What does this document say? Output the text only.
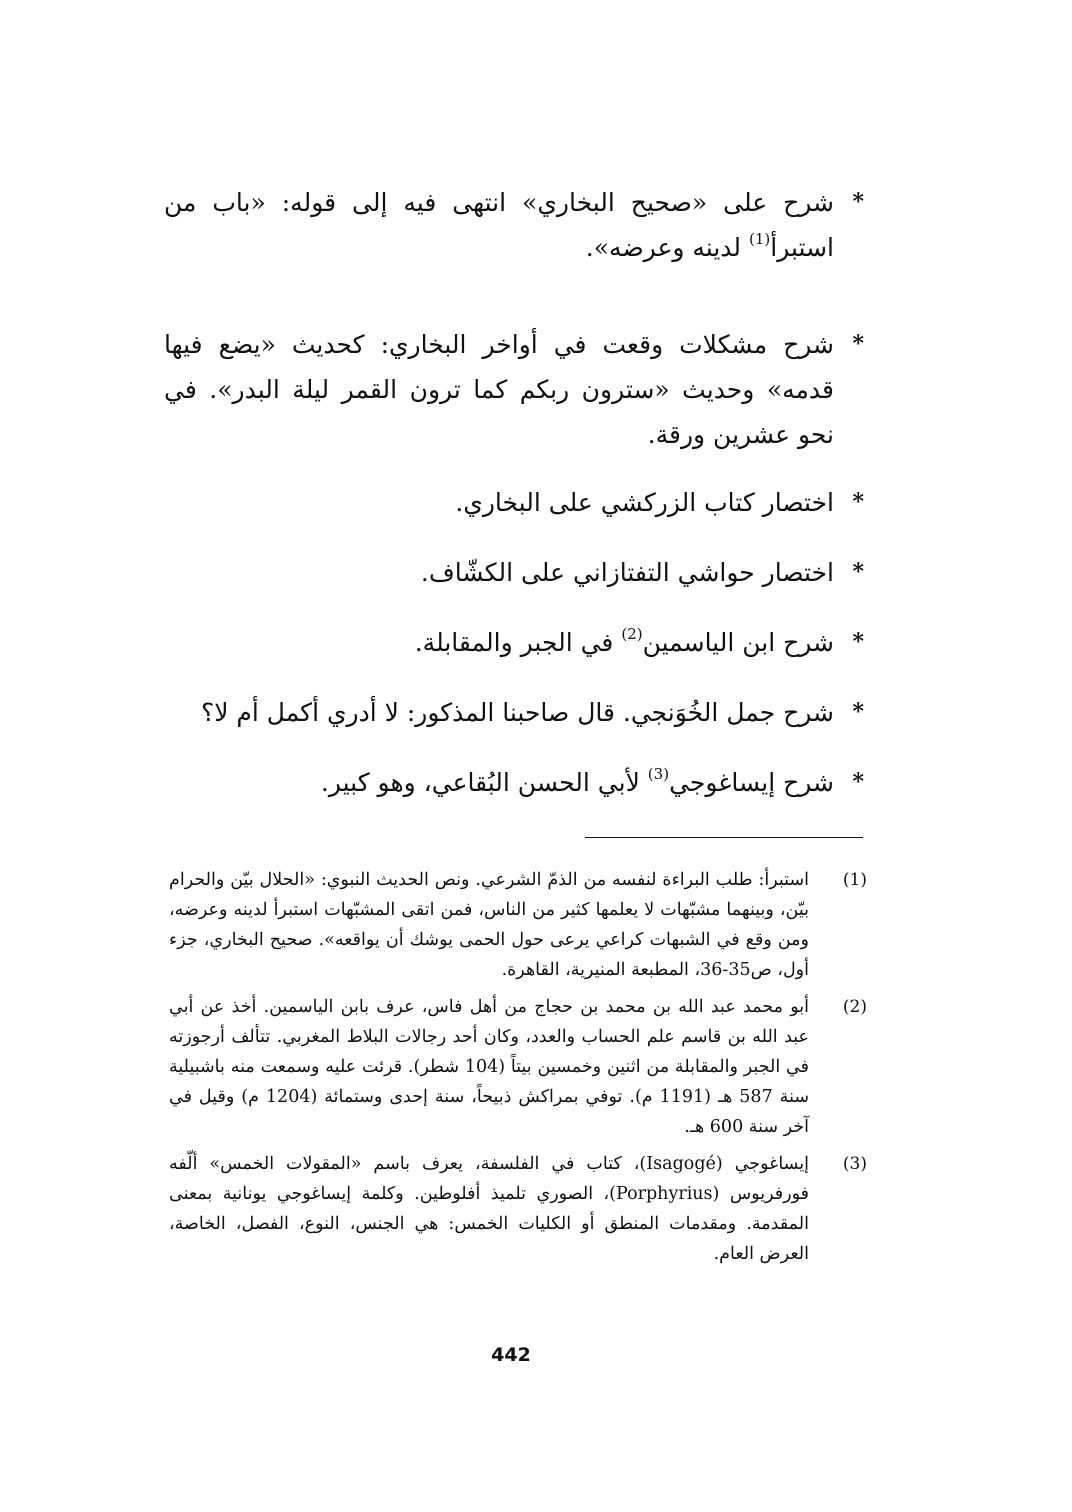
*
شرح على «صحيح البخاري» انتهى فيه إلى قوله: «باب من استبرأ$^{(1)}$ لدينه وعرضه».
*
شرح مشكلات وقعت في أواخر البخاري: كحديث «يضع فيها قدمه» وحديث «سترون ربكم كما ترون القمر ليلة البدر». في نحو عشرين ورقة.
*
اختصار كتاب الزركشي على البخاري.
*
اختصار حواشي التفتازاني على الكشّاف.
*
شرح ابن الياسمين$^{(2)}$ في الجبر والمقابلة.
*
شرح جمل الخُوَنجي. قال صاحبنا المذكور: لا أدري أكمل أم لا؟
*
شرح إيساغوجي$^{(3)}$ لأبي الحسن البُقاعي، وهو كبير.
(1)
استبرأ: طلب البراءة لنفسه من الذمّ الشرعي. ونص الحديث النبوي: «الحلال بيّن والحرام بيّن، وبينهما مشبّهات لا يعلمها كثير من الناس، فمن اتقى المشبّهات استبرأ لدينه وعرضه، ومن وقع في الشبهات كراعي يرعى حول الحمى يوشك أن يواقعه». صحيح البخاري، جزء أول، ص35-36، المطبعة المنيرية، القاهرة.
(2)
أبو محمد عبد الله بن محمد بن حجاج من أهل فاس، عرف بابن الياسمين. أخذ عن أبي عبد الله بن قاسم علم الحساب والعدد، وكان أحد رجالات البلاط المغربي. تتألف أرجوزته في الجبر والمقابلة من اثنين وخمسين بيتاً (104 شطر). قرئت عليه وسمعت منه باشبيلية سنة 587 هـ (1191 م). توفي بمراكش ذبيحاً، سنة إحدى وستمائة (1204 م) وقيل في آخر سنة 600 هـ.
(3)
إيساغوجي (Isagogé)، كتاب في الفلسفة، يعرف باسم «المقولات الخمس» ألّفه فورفريوس (Porphyrius)، الصوري تلميذ أفلوطين. وكلمة إيساغوجي يونانية بمعنى المقدمة. ومقدمات المنطق أو الكليات الخمس: هي الجنس، النوع، الفصل، الخاصة، العرض العام.
442
